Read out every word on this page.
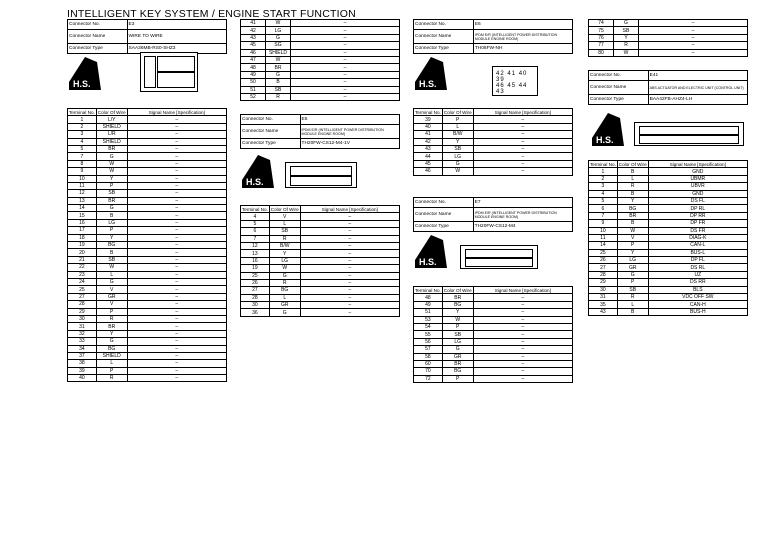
INTELLIGENT KEY SYSTEM / ENGINE START FUNCTION
Connector No.	E3
Connector Name	WIRE TO WIRE
Connector Type	SAA36MB-RS0-SHZ3
H.S.
Terminal No.	Color Of Wire	Signal Name [Specification]
1	L/Y	–
2	SHIELD	–
3	L/R	–
4	SHIELD	–
5	BR	–
7	G	–
8	W	–
9	W	–
10	Y	–
11	P	–
12	SB	–
13	BR	–
14	G	–
15	B	–
16	LG	–
17	P	–
18	Y	–
19	BG	–
20	B	–
21	SB	–
22	W	–
23	L	–
24	G	–
25	V	–
27	GR	–
28	V	–
29	P	–
30	R	–
31	BR	–
32	Y	–
33	G	–
34	BG	–
37	SHIELD	–
38	L	–
39	P	–
40	R	–
41	W	–
42	LG	–
43	G	–
45	SG	–
46	SHIELD	–
47	W	–
48	BR	–
49	G	–
50	B	–
51	SB	–
52	R	–
Connector No.	E5
Connector Name	IPDM E/R (INTELLIGENT POWER DISTRIBUTION MODULE ENGINE ROOM)
Connector Type	TH20FW-CS12-M4-1V
H.S.
Terminal No.	Color Of Wire	Signal Name [Specification]
4	V	–
5	L	–
6	SB	–
7	R	–
12	B/W	–
13	Y	–
16	LG	–
19	W	–
25	G	–
26	R	–
27	BG	–
28	L	–
30	GR	–
36	G	–
Connector No.	E6
Connector Name	IPDM E/R (INTELLIGENT POWER DISTRIBUTION MODULE ENGINE ROOM)
Connector Type	TH08FW-NH
H.S.
42 41 40 39
46 45 44 43
Terminal No.	Color Of Wire	Signal Name [Specification]
39	P	–
40	L	–
41	B/W	–
42	Y	–
43	SB	–
44	LG	–
45	G	–
46	W	–
Connector No.	E7
Connector Name	IPDM E/R (INTELLIGENT POWER DISTRIBUTION MODULE ENGINE ROOM)
Connector Type	TH20FW-CS12-M4
H.S.
Terminal No.	Color Of Wire	Signal Name [Specification]
48	BR	–
49	BG	–
51	Y	–
53	W	–
54	P	–
55	SB	–
56	LG	–
57	G	–
58	GR	–
60	BR	–
70	BG	–
72	P	–
74	G	–
75	SB	–
76	Y	–
77	R	–
80	W	–
Connector No.	E41
Connector Name	ABS ACTUATOR AND ELECTRIC UNIT (CONTROL UNIT)
Connector Type	BAA42FB-AHZ4-LH
H.S.
Terminal No.	Color Of Wire	Signal Name [Specification]
1	B	GND
2	L	UBMR
3	R	UBVR
4	B	GND
5	Y	DS FL
6	BG	DP RL
7	BR	DP RR
9	B	DP FR
10	W	DS FR
11	V	DIAG-K
14	P	CAN-L
25	Y	BUS-L
26	LG	DP FL
27	GR	DS RL
28	G	UZ
29	P	DS RR
30	SB	BLS
31	R	VDC OFF SW
35	L	CAN-H
43	B	BUS-H
